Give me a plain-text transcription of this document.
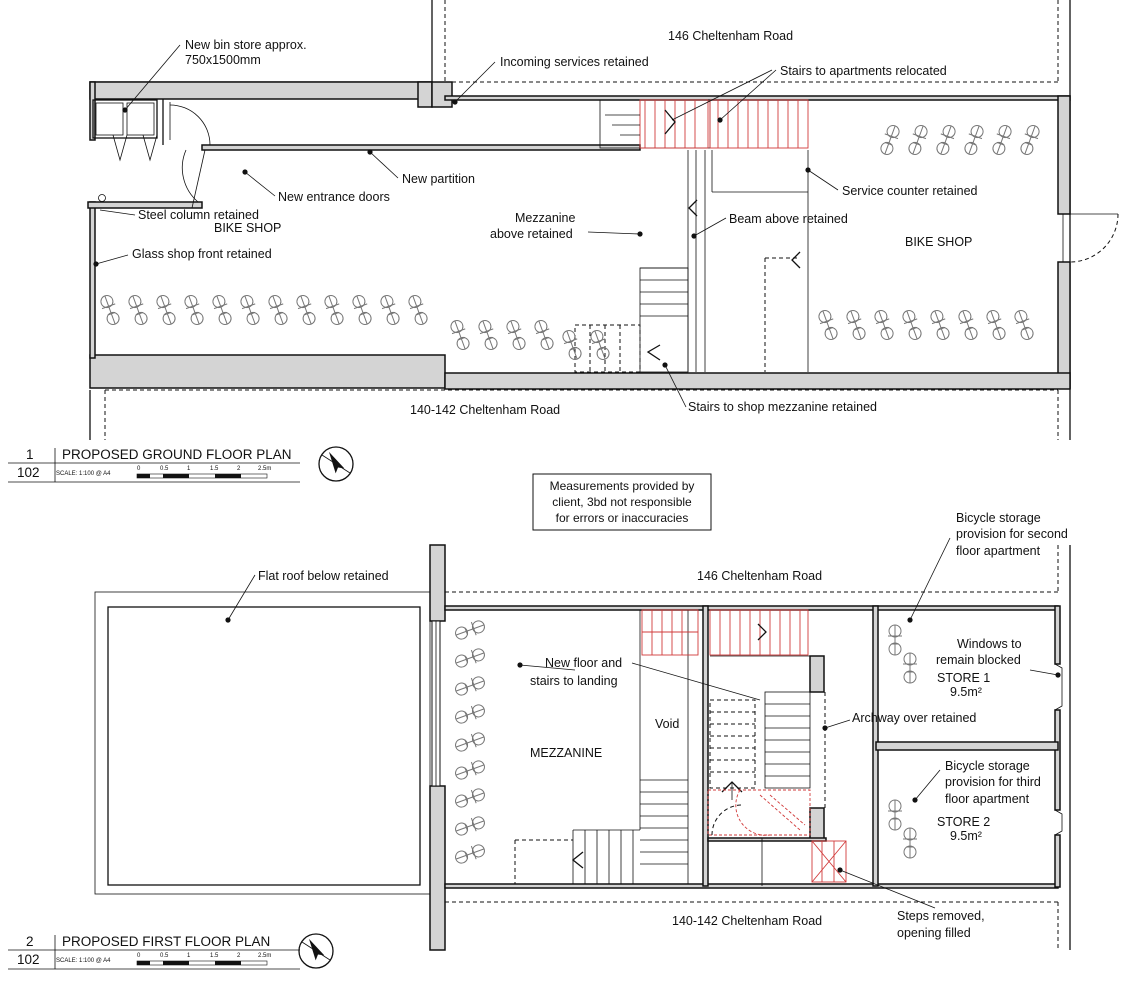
146 Cheltenham Road
140-142 Cheltenham Road
BIKE SHOP
BIKE SHOP
New bin store approx.
750x1500mm	Incoming services retained
Stairs to apartments relocated
New partition
New entrance doors	Service counter retained
Steel column retained	Mezzanine
above retained
Beam above retained
Glass shop front retained
Stairs to shop mezzanine retained
1
102
PROPOSED GROUND FLOOR PLAN
SCALE: 1:100 @ A4
0	0.5	1	1.5	2	2.5m
Measurements provided by
client, 3bd not responsible
for errors or inaccuracies
146 Cheltenham Road
140-142 Cheltenham Road
MEZZANINE
Void
STORE 1
9.5m²
STORE 2
9.5m²
Flat roof below retained
New floor and
stairs to landing
Archway over retained
Windows to
remain blocked
Bicycle storage
provision for second
floor apartment
Bicycle storage
provision for third
floor apartment
Steps removed,
opening filled
2
102
PROPOSED FIRST FLOOR PLAN
SCALE: 1:100 @ A4
0	0.5	1	1.5	2	2.5m
